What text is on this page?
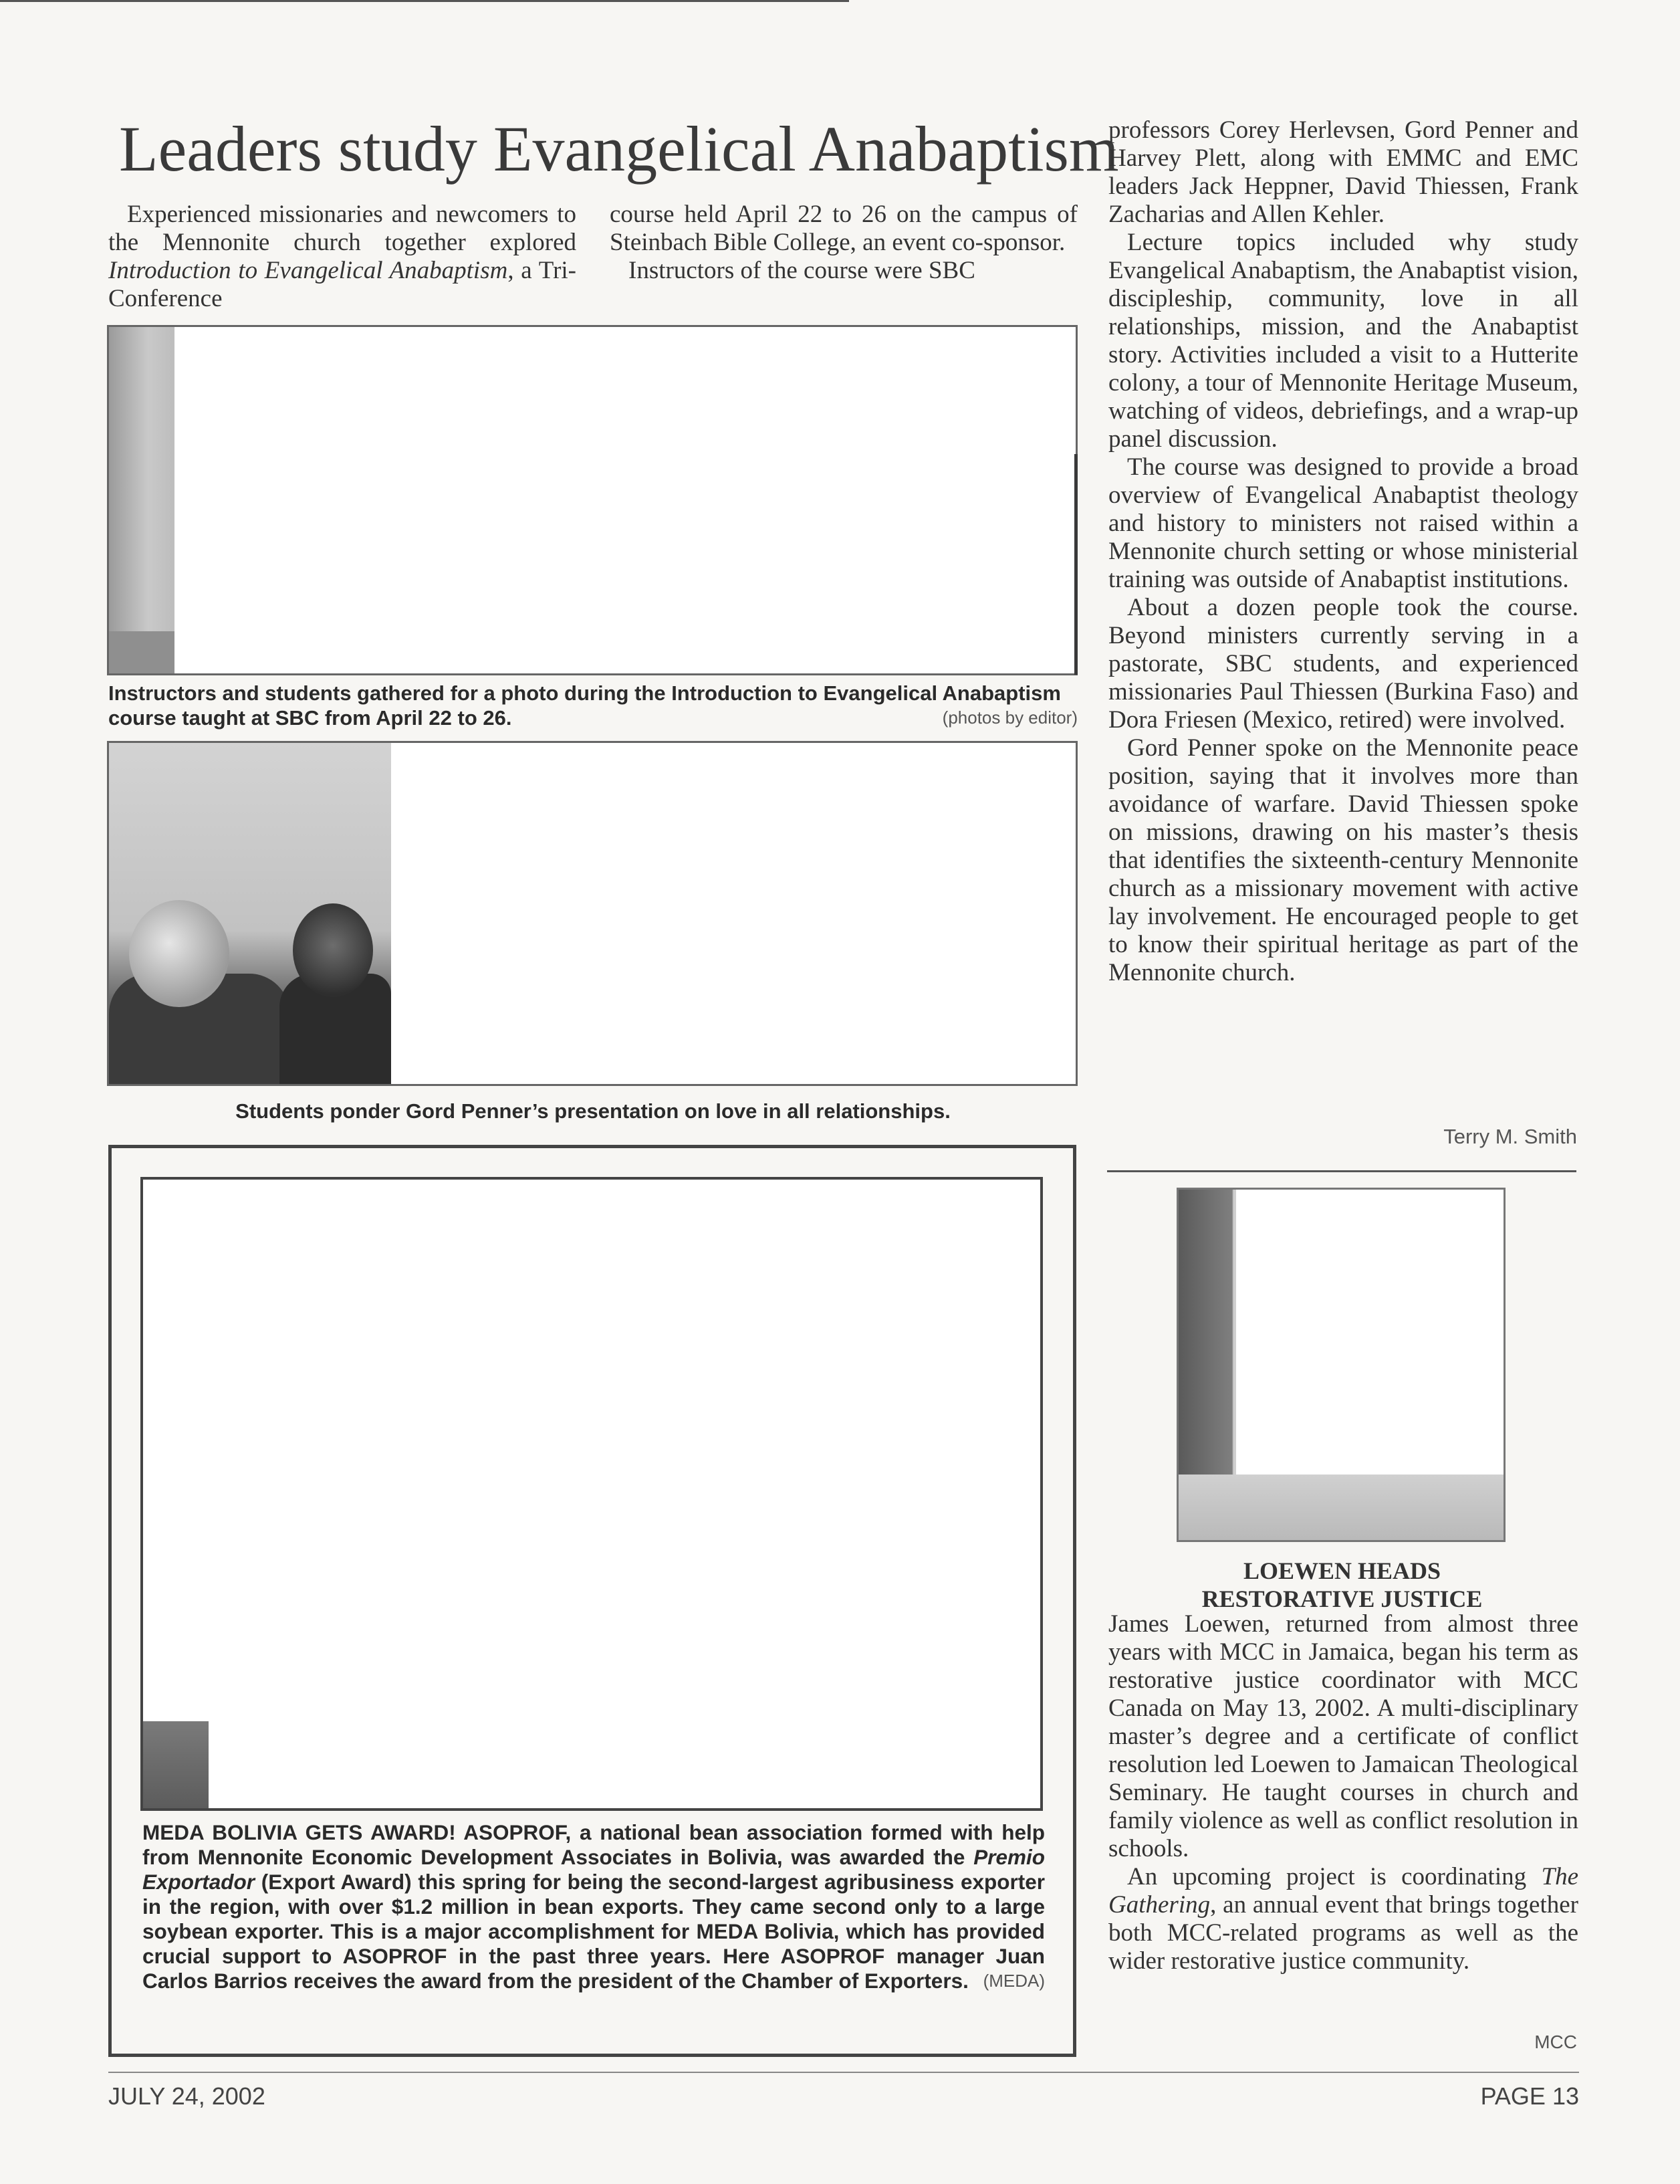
Leaders study Evangelical Anabaptism

Experienced missionaries and newcomers to the Mennonite church together explored Introduction to Evangelical Anabaptism, a Tri-Conference

course held April 22 to 26 on the campus of Steinbach Bible College, an event co-sponsor.

Instructors of the course were SBC

Instructors and students gathered for a photo during the Introduction to Evangelical Anabaptism course taught at SBC from April 22 to 26.	(photos by editor)
Students ponder Gord Penner’s presentation on love in all relationships.
MEDA BOLIVIA GETS AWARD! ASOPROF, a national bean association formed with help from Mennonite Economic Development Associates in Bolivia, was awarded the Premio Exportador (Export Award) this spring for being the second-largest agribusiness exporter in the region, with over $1.2 million in bean exports. They came second only to a large soybean exporter. This is a major accomplishment for MEDA Bolivia, which has provided crucial support to ASOPROF in the past three years. Here ASOPROF manager Juan Carlos Barrios receives the award from the president of the Chamber of Exporters. (MEDA)

professors Corey Herlevsen, Gord Penner and Harvey Plett, along with EMMC and EMC leaders Jack Heppner, David Thiessen, Frank Zacharias and Allen Kehler.

Lecture topics included why study Evangelical Anabaptism, the Anabaptist vision, discipleship, community, love in all relationships, mission, and the Anabaptist story. Activities included a visit to a Hutterite colony, a tour of Mennonite Heritage Museum, watching of videos, debriefings, and a wrap-up panel discussion.

The course was designed to provide a broad overview of Evangelical Anabaptist theology and history to ministers not raised within a Mennonite church setting or whose ministerial training was outside of Anabaptist institutions.

About a dozen people took the course. Beyond ministers currently serving in a pastorate, SBC students, and experienced missionaries Paul Thiessen (Burkina Faso) and Dora Friesen (Mexico, retired) were involved.

Gord Penner spoke on the Mennonite peace position, saying that it involves more than avoidance of warfare. David Thiessen spoke on missions, drawing on his master’s thesis that identifies the sixteenth-century Mennonite church as a missionary movement with active lay involvement. He encouraged people to get to know their spiritual heritage as part of the Mennonite church.

Terry M. Smith
LOEWEN HEADS
RESTORATIVE JUSTICE

James Loewen, returned from almost three years with MCC in Jamaica, began his term as restorative justice coordinator with MCC Canada on May 13, 2002. A multi-disciplinary master’s degree and a certificate of conflict resolution led Loewen to Jamaican Theological Seminary. He taught courses in church and family violence as well as conflict resolution in schools.

An upcoming project is coordinating The Gathering, an annual event that brings together both MCC-related programs as well as the wider restorative justice community.

MCC
JULY 24, 2002	PAGE 13
